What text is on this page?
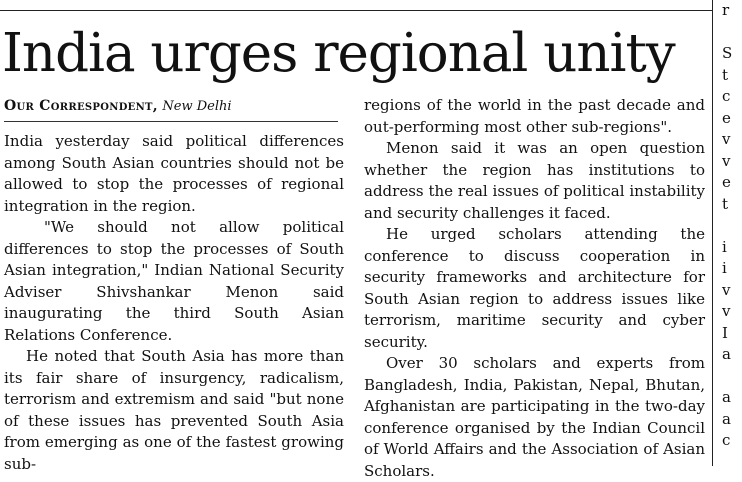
India urges regional unity
Our Correspondent, New Delhi

India yesterday said political differences among South Asian countries should not be allowed to stop the processes of regional integration in the region.

"We should not allow political differences to stop the processes of South Asian integration," Indian National Security Adviser Shivshankar Menon said inaugurating the third South Asian Relations Conference.

He noted that South Asia has more than its fair share of insurgency, radicalism, terrorism and extremism and said "but none of these issues has prevented South Asia from emerging as one of the fastest growing sub-

regions of the world in the past decade and out-performing most other sub-regions".

Menon said it was an open question whether the region has institutions to address the real issues of political instability and security challenges it faced.

He urged scholars attending the conference to discuss cooperation in security frameworks and architecture for South Asian region to address issues like terrorism, maritime security and cyber security.

Over 30 scholars and experts from Bangladesh, India, Pakistan, Nepal, Bhutan, Afghanistan are participating in the two-day conference organised by the Indian Council of World Affairs and the Association of Asian Scholars.

r
S
t
c
e
v
v
e
t
i
i
v
v
I
a
a
a
c
